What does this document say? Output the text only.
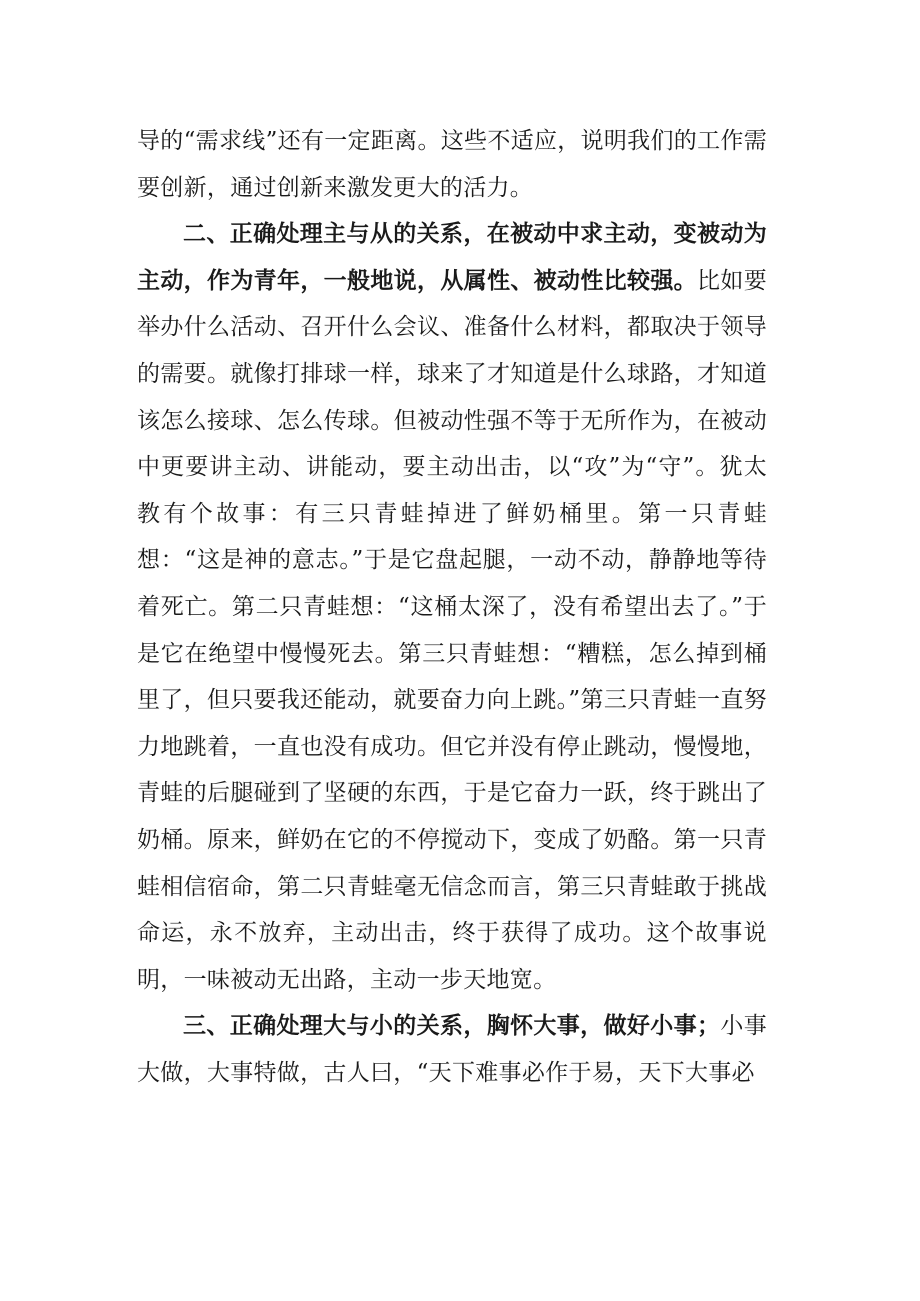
导的“需求线”还有一定距离。这些不适应，说明我们的工作需要创新，通过创新来激发更大的活力。

二、正确处理主与从的关系，在被动中求主动，变被动为主动，作为青年，一般地说，从属性、被动性比较强。比如要举办什么活动、召开什么会议、准备什么材料，都取决于领导的需要。就像打排球一样，球来了才知道是什么球路，才知道该怎么接球、怎么传球。但被动性强不等于无所作为，在被动中更要讲主动、讲能动，要主动出击，以“攻”为“守”。犹太教有个故事：有三只青蛙掉进了鲜奶桶里。第一只青蛙想：“这是神的意志。”于是它盘起腿，一动不动，静静地等待着死亡。第二只青蛙想：“这桶太深了，没有希望出去了。”于是它在绝望中慢慢死去。第三只青蛙想：“糟糕，怎么掉到桶里了，但只要我还能动，就要奋力向上跳。”第三只青蛙一直努力地跳着，一直也没有成功。但它并没有停止跳动，慢慢地，青蛙的后腿碰到了坚硬的东西，于是它奋力一跃，终于跳出了奶桶。原来，鲜奶在它的不停搅动下，变成了奶酪。第一只青蛙相信宿命，第二只青蛙毫无信念而言，第三只青蛙敢于挑战命运，永不放弃，主动出击，终于获得了成功。这个故事说明，一味被动无出路，主动一步天地宽。

三、正确处理大与小的关系，胸怀大事，做好小事；小事大做，大事特做，古人曰，“天下难事必作于易，天下大事必
